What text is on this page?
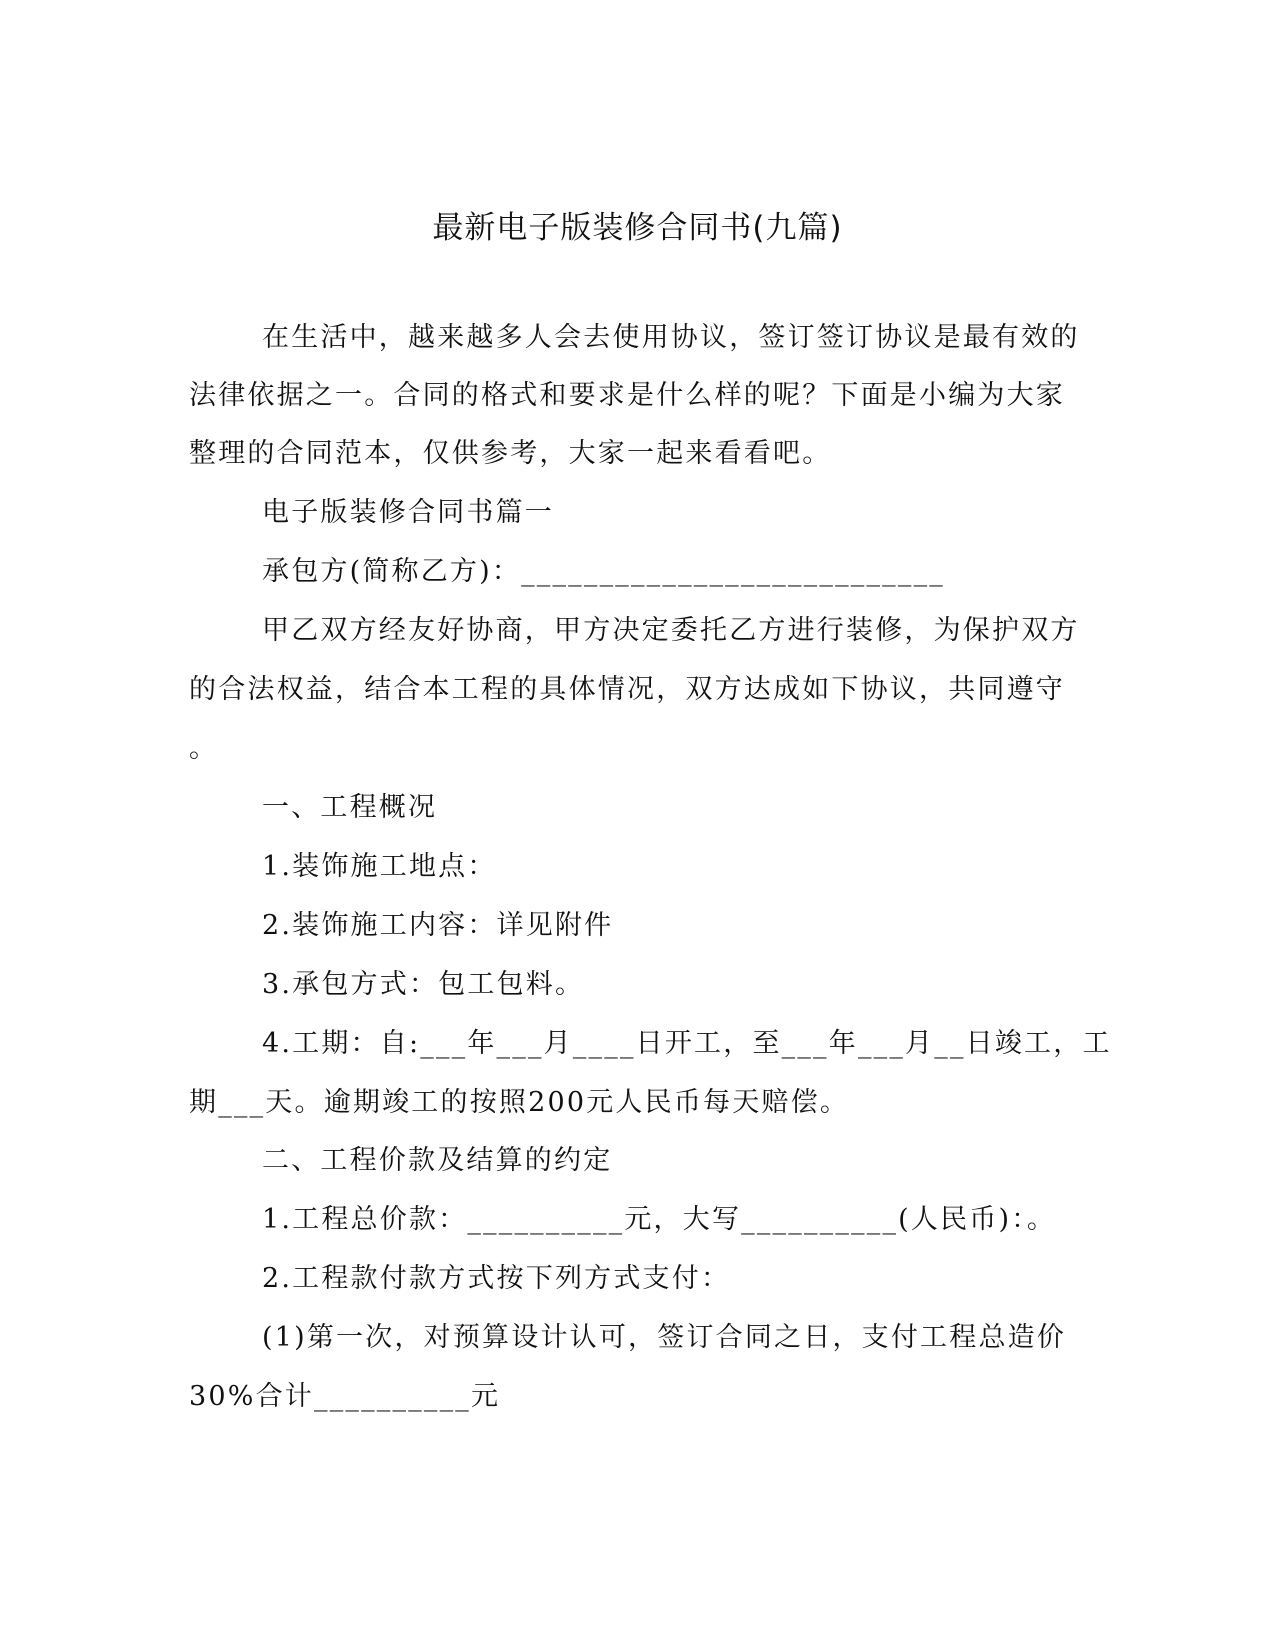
最新电子版装修合同书(九篇)
在生活中，越来越多人会去使用协议，签订签订协议是最有效的
法律依据之一。合同的格式和要求是什么样的呢？下面是小编为大家
整理的合同范本，仅供参考，大家一起来看看吧。
电子版装修合同书篇一
承包方(简称乙方)：___________________________
甲乙双方经友好协商，甲方决定委托乙方进行装修，为保护双方
的合法权益，结合本工程的具体情况，双方达成如下协议，共同遵守
。
一、工程概况
1.装饰施工地点：
2.装饰施工内容：详见附件
3.承包方式：包工包料。
4.工期：自:___年___月____日开工，至___年___月__日竣工，工
期___天。逾期竣工的按照200元人民币每天赔偿。
二、工程价款及结算的约定
1.工程总价款：__________元，大写__________(人民币)：。
2.工程款付款方式按下列方式支付：
(1)第一次，对预算设计认可，签订合同之日，支付工程总造价
30%合计__________元
